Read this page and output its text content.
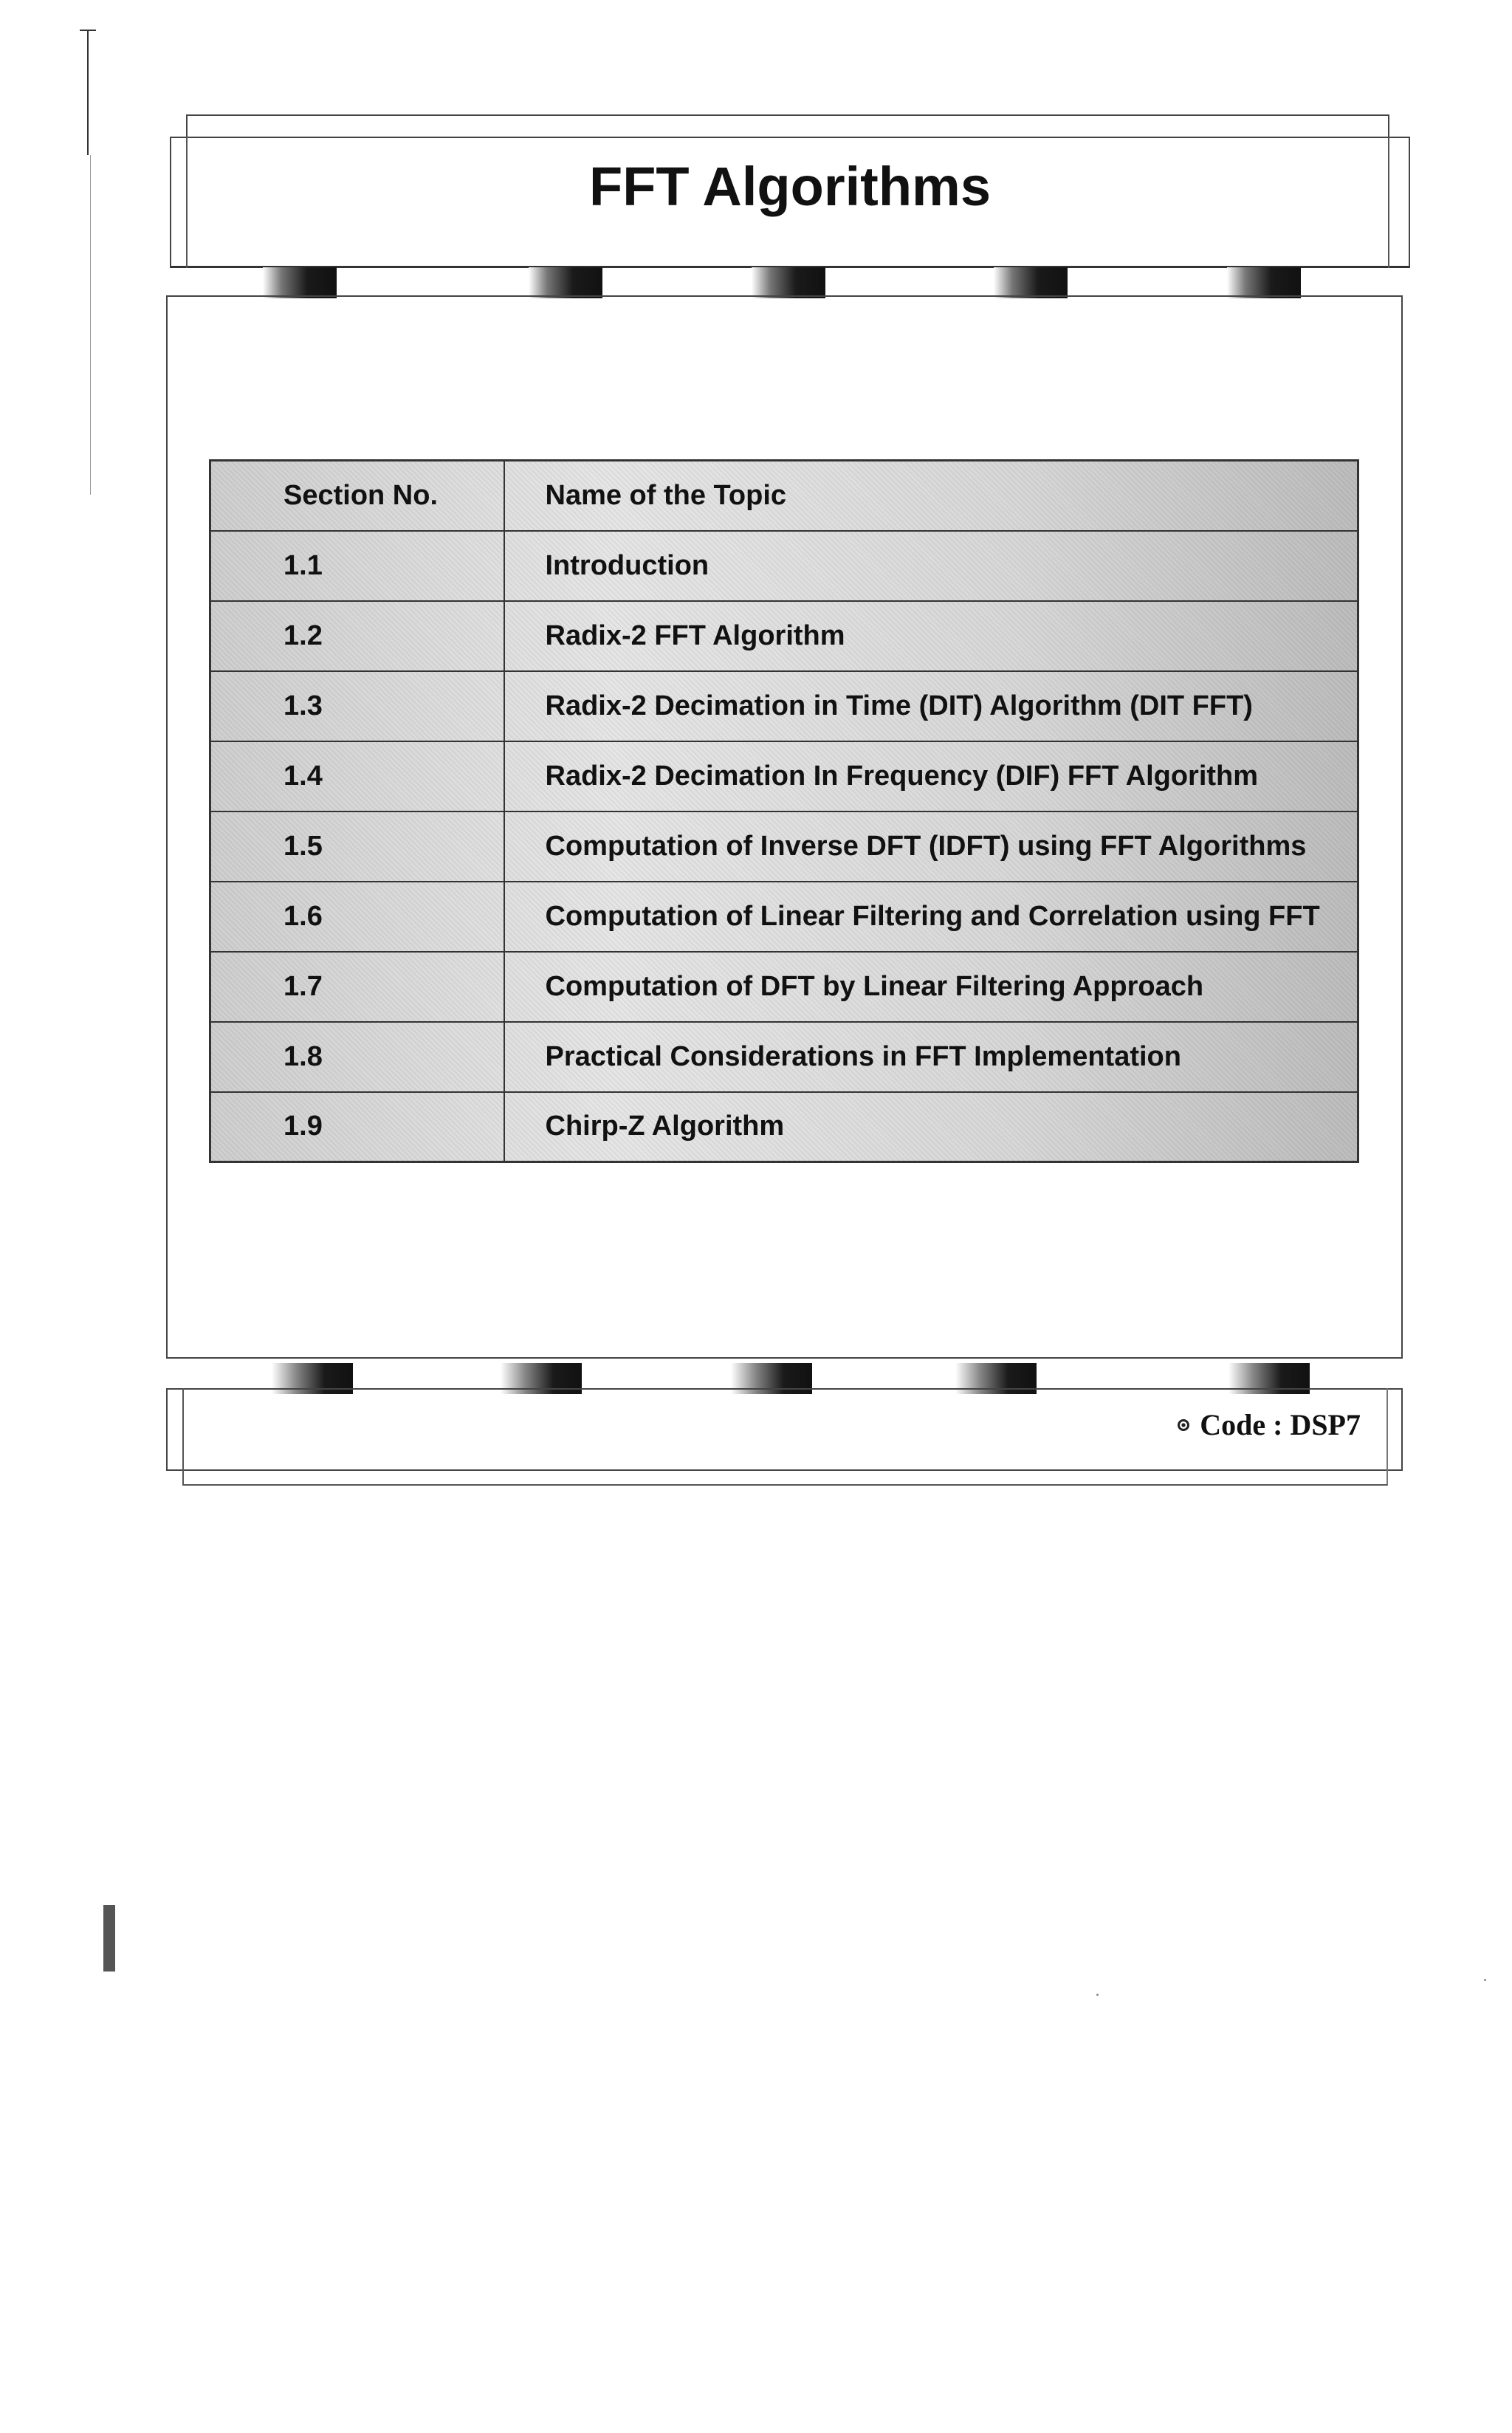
FFT Algorithms
Section No.	Name of the Topic
1.1	Introduction
1.2	Radix-2 FFT Algorithm
1.3	Radix-2 Decimation in Time (DIT) Algorithm (DIT FFT)
1.4	Radix-2 Decimation In Frequency (DIF) FFT Algorithm
1.5	Computation of Inverse DFT (IDFT) using FFT Algorithms
1.6	Computation of Linear Filtering and Correlation using FFT
1.7	Computation of DFT by Linear Filtering Approach
1.8	Practical Considerations in FFT Implementation
1.9	Chirp-Z Algorithm
Code : DSP7
